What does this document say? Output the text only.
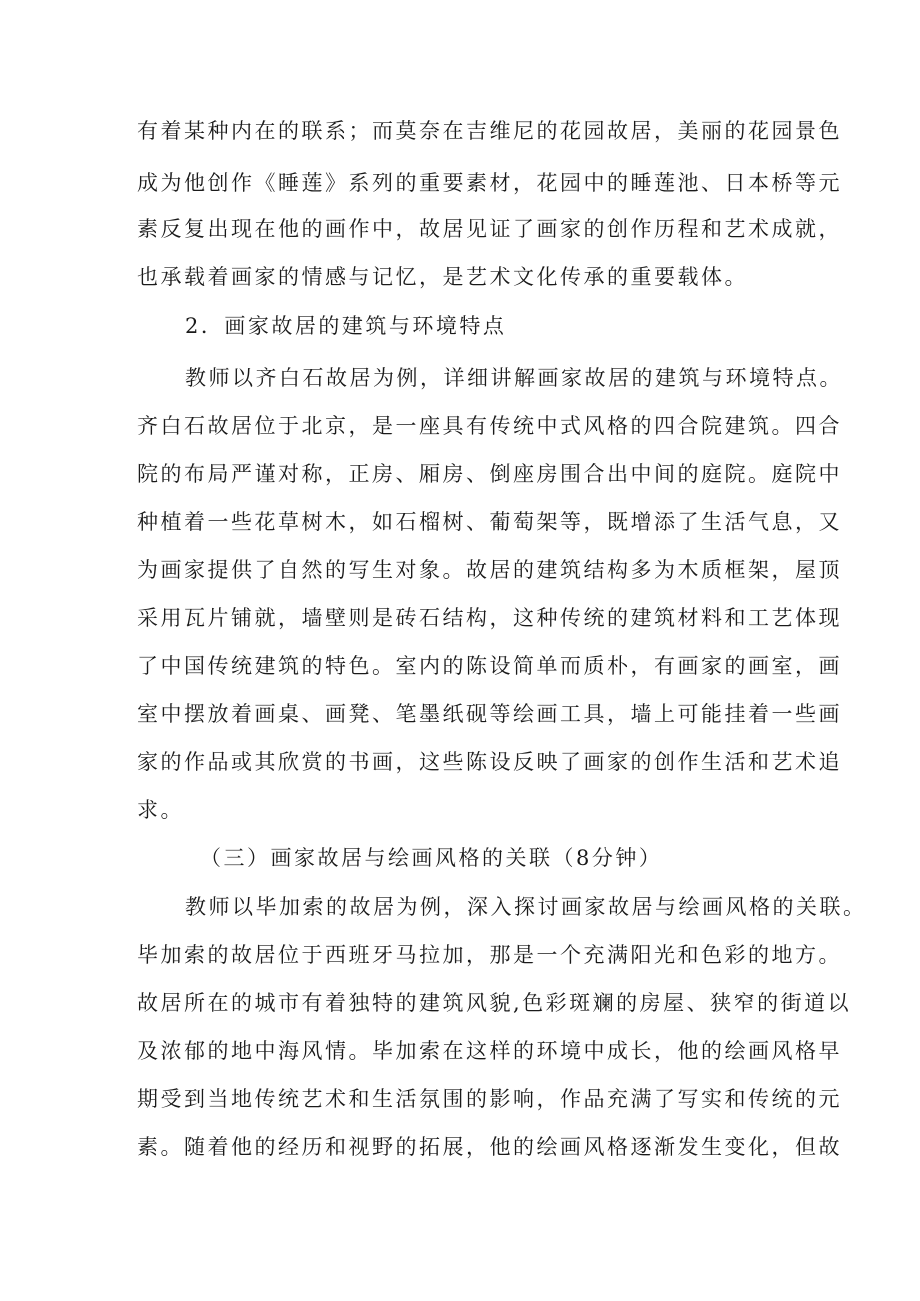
有着某种内在的联系；而莫奈在吉维尼的花园故居，美丽的花园景色
成为他创作《睡莲》系列的重要素材，花园中的睡莲池、日本桥等元
素反复出现在他的画作中，故居见证了画家的创作历程和艺术成就，
也承载着画家的情感与记忆，是艺术文化传承的重要载体。
2．画家故居的建筑与环境特点
教师以齐白石故居为例，详细讲解画家故居的建筑与环境特点。
齐白石故居位于北京，是一座具有传统中式风格的四合院建筑。四合
院的布局严谨对称，正房、厢房、倒座房围合出中间的庭院。庭院中
种植着一些花草树木，如石榴树、葡萄架等，既增添了生活气息，又
为画家提供了自然的写生对象。故居的建筑结构多为木质框架，屋顶
采用瓦片铺就，墙壁则是砖石结构，这种传统的建筑材料和工艺体现
了中国传统建筑的特色。室内的陈设简单而质朴，有画家的画室，画
室中摆放着画桌、画凳、笔墨纸砚等绘画工具，墙上可能挂着一些画
家的作品或其欣赏的书画，这些陈设反映了画家的创作生活和艺术追
求。
（三）画家故居与绘画风格的关联（8分钟）
教师以毕加索的故居为例，深入探讨画家故居与绘画风格的关联。
毕加索的故居位于西班牙马拉加，那是一个充满阳光和色彩的地方。
故居所在的城市有着独特的建筑风貌,色彩斑斓的房屋、狭窄的街道以
及浓郁的地中海风情。毕加索在这样的环境中成长，他的绘画风格早
期受到当地传统艺术和生活氛围的影响，作品充满了写实和传统的元
素。随着他的经历和视野的拓展，他的绘画风格逐渐发生变化，但故
